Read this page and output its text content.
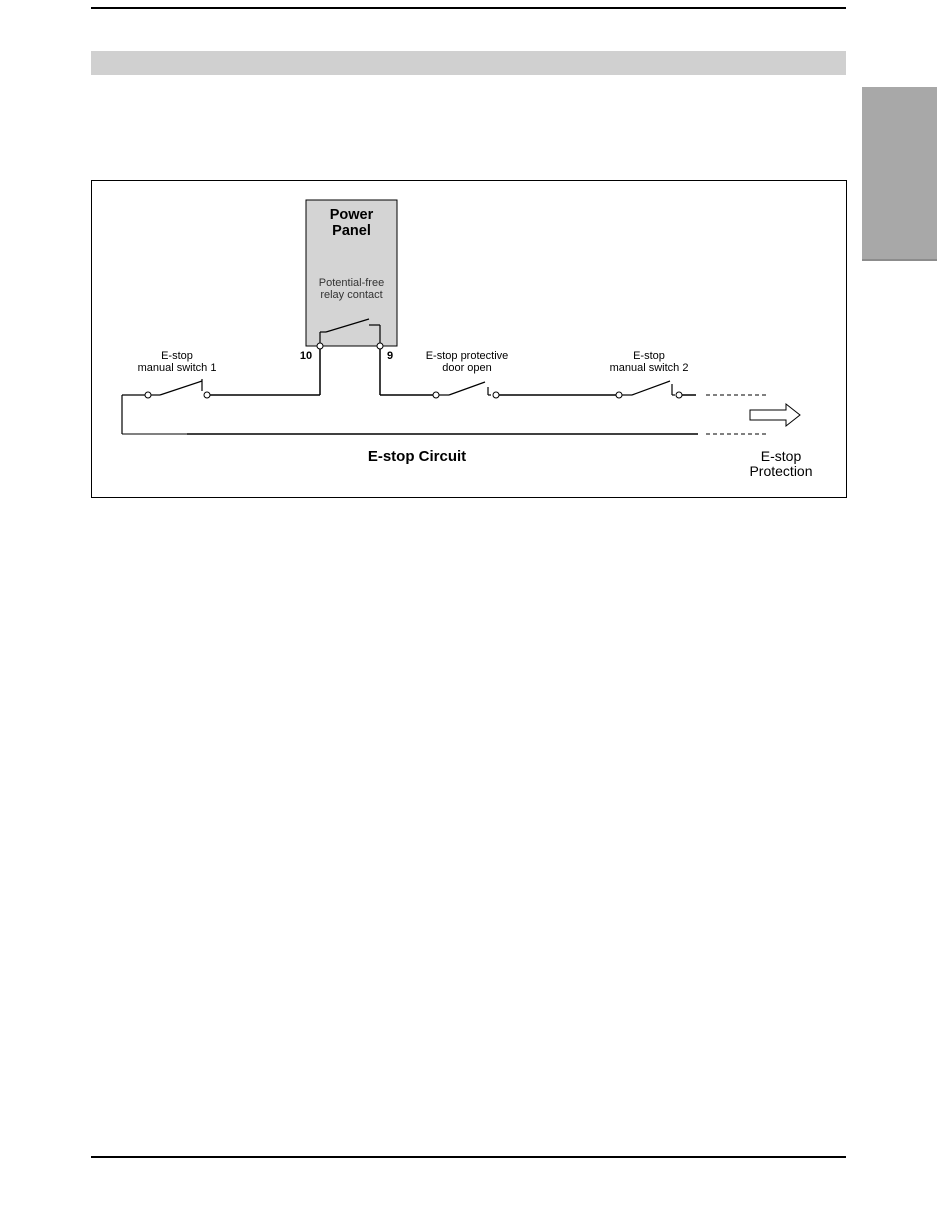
Power
Panel
Potential-free
relay contact
10	9
E-stop
manual switch 1
E-stop protective
door open
E-stop
manual switch 2
E-stop Circuit	E-stop
Protection
